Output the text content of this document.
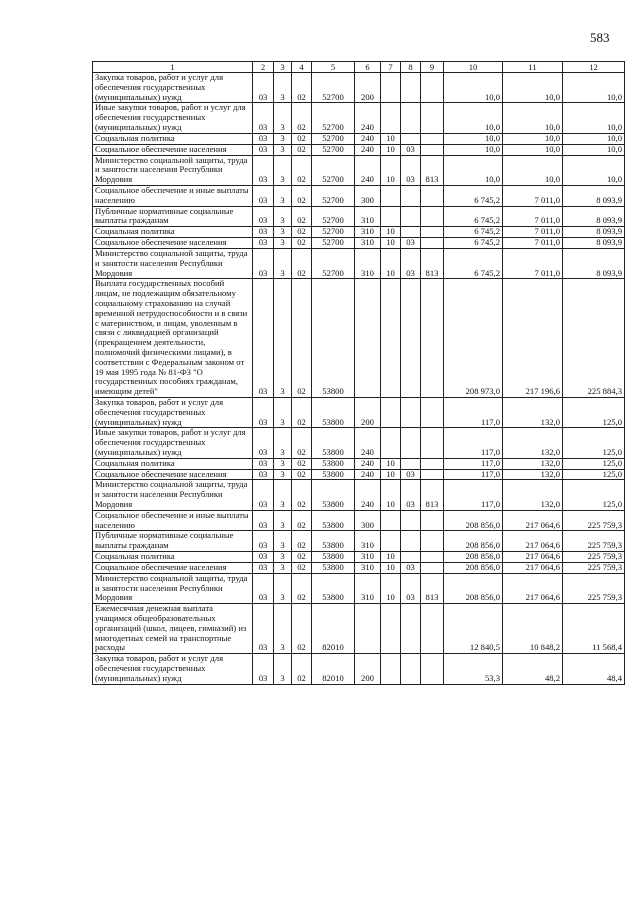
583
1	2	3	4	5	6	7	8	9	10	11	12
Закупка товаров, работ и услуг для обеспечения государственных (муниципальных) нужд	03	3	02	52700	200				10,0	10,0	10,0
Иные закупки товаров, работ и услуг для обеспечения государственных (муниципальных) нужд	03	3	02	52700	240				10,0	10,0	10,0
Социальная политика	03	3	02	52700	240	10			10,0	10,0	10,0
Социальное обеспечение населения	03	3	02	52700	240	10	03		10,0	10,0	10,0
Министерство социальной защиты, труда и занятости населения Республики Мордовия	03	3	02	52700	240	10	03	813	10,0	10,0	10,0
Социальное обеспечение и иные выплаты населению	03	3	02	52700	300				6 745,2	7 011,0	8 093,9
Публичные нормативные социальные выплаты гражданам	03	3	02	52700	310				6 745,2	7 011,0	8 093,9
Социальная политика	03	3	02	52700	310	10			6 745,2	7 011,0	8 093,9
Социальное обеспечение населения	03	3	02	52700	310	10	03		6 745,2	7 011,0	8 093,9
Министерство социальной защиты, труда и занятости населения Республики Мордовия	03	3	02	52700	310	10	03	813	6 745,2	7 011,0	8 093,9
Выплата государственных пособий лицам, не подлежащим обязательному социальному страхованию на случай временной нетрудоспособности и в связи с материнством, и лицам, уволенным в связи с ликвидацией организаций (прекращением деятельности, полномочий физическими лицами), в соответствии с Федеральным законом от 19 мая 1995 года № 81-ФЗ "О государственных пособиях гражданам, имеющим детей"	03	3	02	53800					208 973,0	217 196,6	225 884,3
Закупка товаров, работ и услуг для обеспечения государственных (муниципальных) нужд	03	3	02	53800	200				117,0	132,0	125,0
Иные закупки товаров, работ и услуг для обеспечения государственных (муниципальных) нужд	03	3	02	53800	240				117,0	132,0	125,0
Социальная политика	03	3	02	53800	240	10			117,0	132,0	125,0
Социальное обеспечение населения	03	3	02	53800	240	10	03		117,0	132,0	125,0
Министерство социальной защиты, труда и занятости населения Республики Мордовия	03	3	02	53800	240	10	03	813	117,0	132,0	125,0
Социальное обеспечение и иные выплаты населению	03	3	02	53800	300				208 856,0	217 064,6	225 759,3
Публичные нормативные социальные выплаты гражданам	03	3	02	53800	310				208 856,0	217 064,6	225 759,3
Социальная политика	03	3	02	53800	310	10			208 856,0	217 064,6	225 759,3
Социальное обеспечение населения	03	3	02	53800	310	10	03		208 856,0	217 064,6	225 759,3
Министерство социальной защиты, труда и занятости населения Республики Мордовия	03	3	02	53800	310	10	03	813	208 856,0	217 064,6	225 759,3
Ежемесячная денежная выплата учащимся общеобразовательных организаций (школ, лицеев, гимназий) из многодетных семей на транспортные расходы	03	3	02	82010					12 840,5	10 848,2	11 568,4
Закупка товаров, работ и услуг для обеспечения государственных (муниципальных) нужд	03	3	02	82010	200				53,3	48,2	48,4
